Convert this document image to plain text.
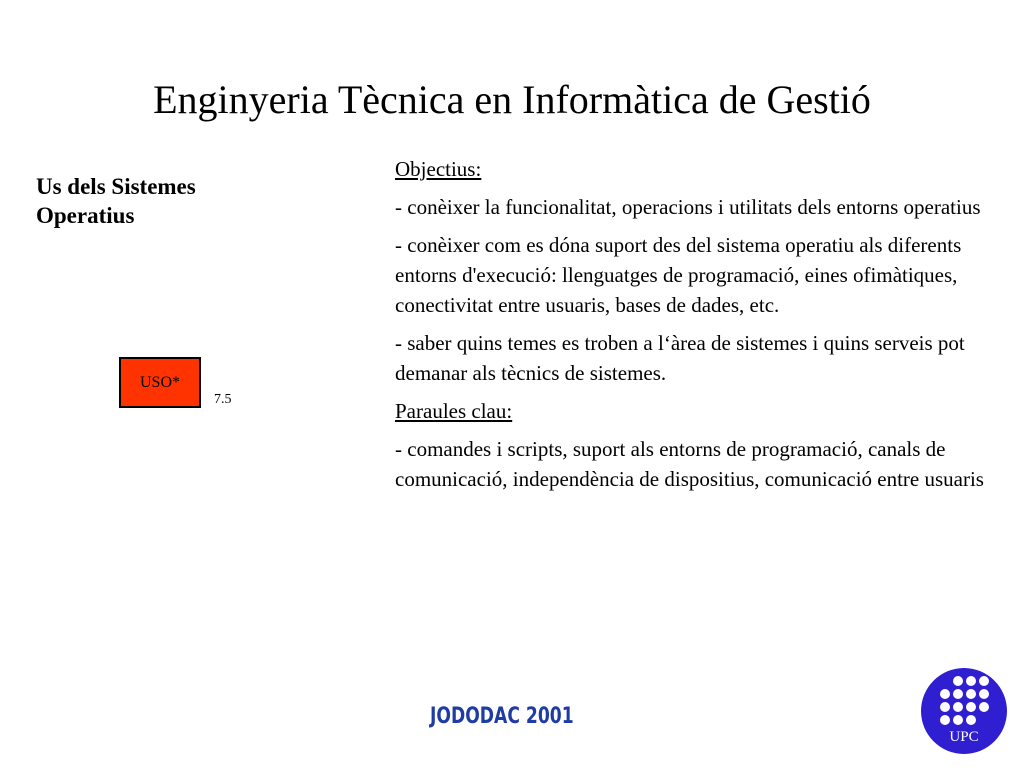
Enginyeria Tècnica en Informàtica de Gestió
Us dels Sistemes
Operatius
USO*
7.5

Objectius:

- conèixer la funcionalitat, operacions i utilitats dels entorns operatius

- conèixer com es dóna suport des del sistema operatiu als diferents entorns d'execució: llenguatges de programació, eines ofimàtiques, conectivitat entre usuaris, bases de dades, etc.

- saber quins temes es troben a l‘àrea de sistemes i quins serveis pot demanar als tècnics de sistemes.

Paraules clau:

- comandes i scripts, suport als entorns de programació, canals de comunicació, independència de dispositius, comunicació entre usuaris

JODODAC 2001
UPC
